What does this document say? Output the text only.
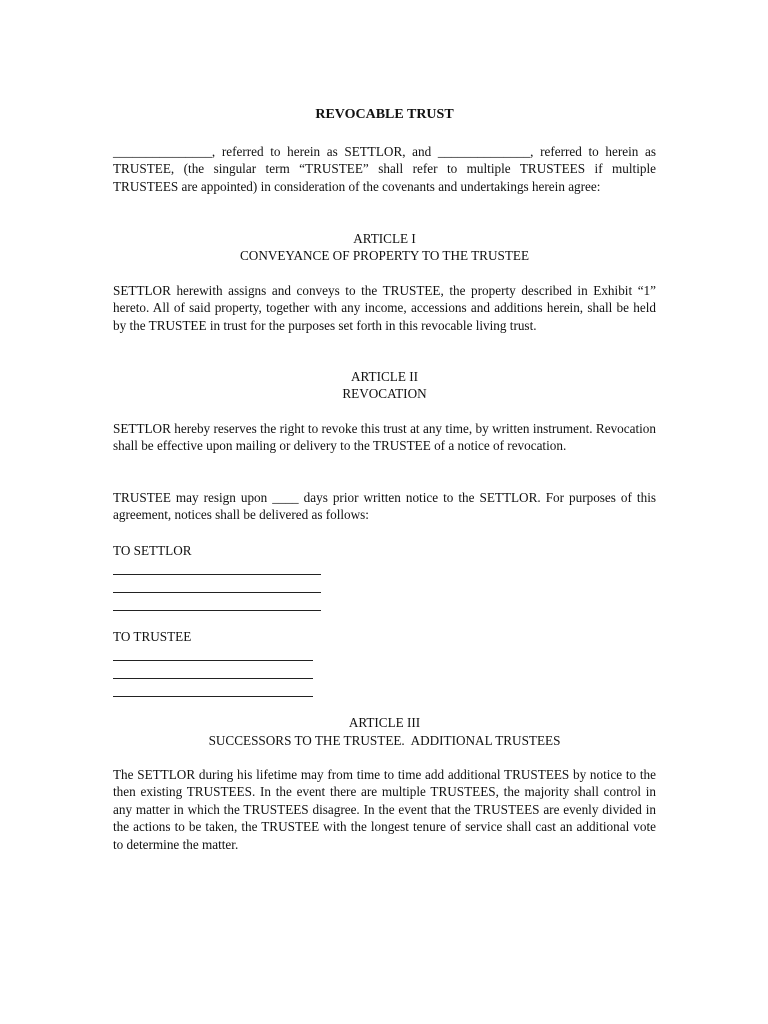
REVOCABLE TRUST

_______________, referred to herein as SETTLOR, and ______________, referred to herein as TRUSTEE, (the singular term “TRUSTEE” shall refer to multiple TRUSTEES if multiple TRUSTEES are appointed) in consideration of the covenants and undertakings herein agree:

ARTICLE I
CONVEYANCE OF PROPERTY TO THE TRUSTEE

SETTLOR herewith assigns and conveys to the TRUSTEE, the property described in Exhibit “1” hereto. All of said property, together with any income, accessions and additions herein, shall be held by the TRUSTEE in trust for the purposes set forth in this revocable living trust.

ARTICLE II
REVOCATION

SETTLOR hereby reserves the right to revoke this trust at any time, by written instrument. Revocation shall be effective upon mailing or delivery to the TRUSTEE of a notice of revocation.

TRUSTEE may resign upon ____ days prior written notice to the SETTLOR. For purposes of this agreement, notices shall be delivered as follows:

TO SETTLOR
TO TRUSTEE
ARTICLE III
SUCCESSORS TO THE TRUSTEE.  ADDITIONAL TRUSTEES

The SETTLOR during his lifetime may from time to time add additional TRUSTEES by notice to the then existing TRUSTEES. In the event there are multiple TRUSTEES, the majority shall control in any matter in which the TRUSTEES disagree. In the event that the TRUSTEES are evenly divided in the actions to be taken, the TRUSTEE with the longest tenure of service shall cast an additional vote to determine the matter.
